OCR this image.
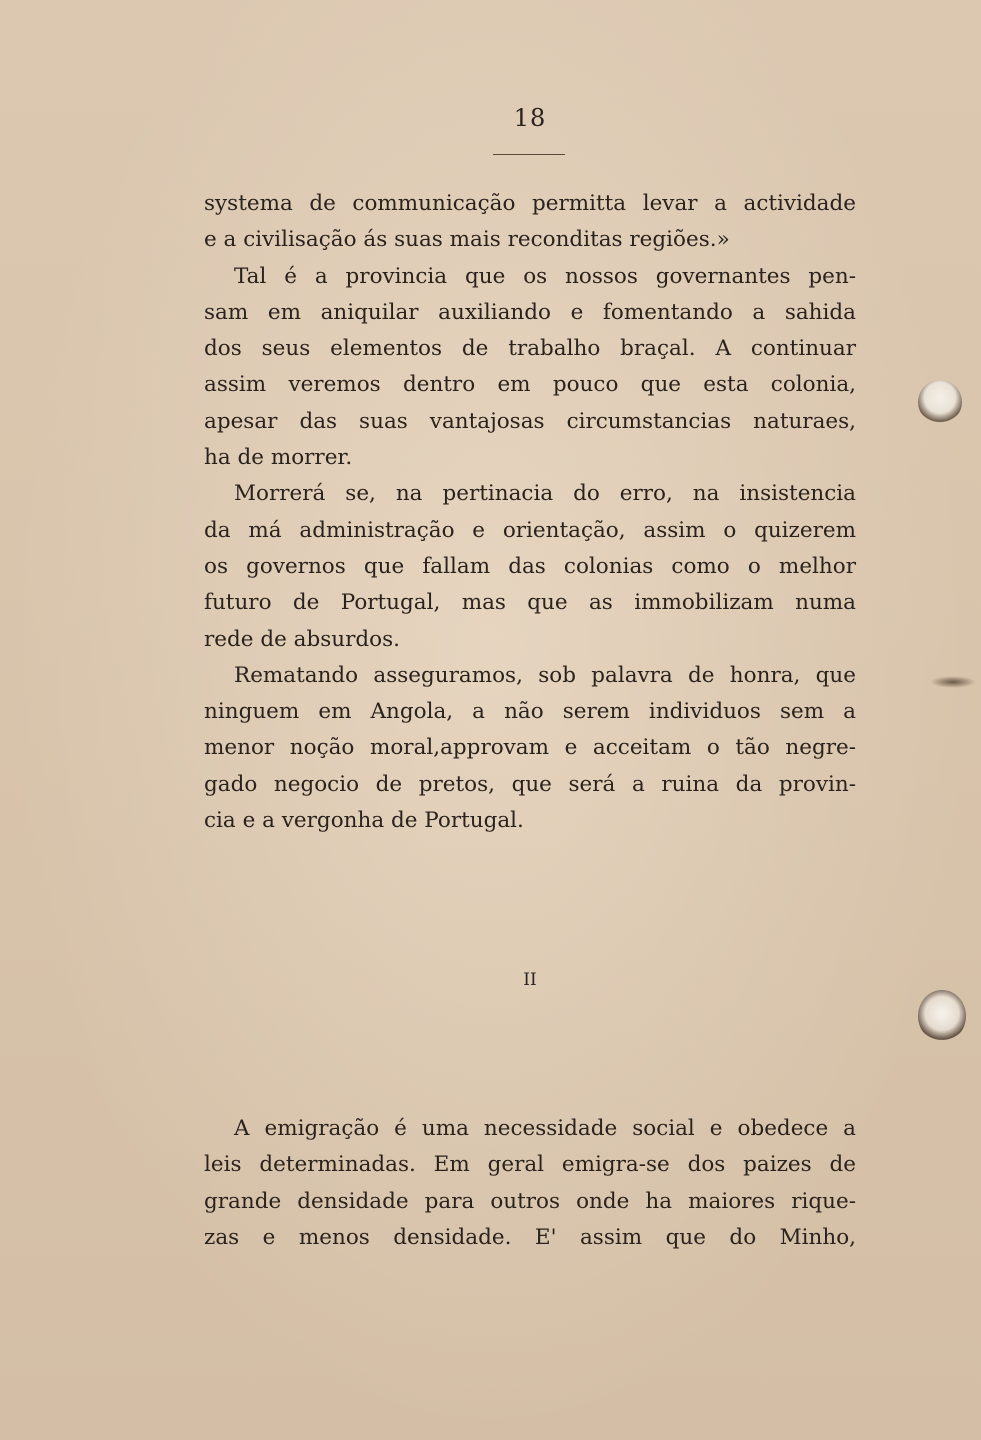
18
systema de communicação permitta levar a actividade
e a civilisação ás suas mais reconditas regiões.»
Tal é a provincia que os nossos governantes pen-
sam em aniquilar auxiliando e fomentando a sahida
dos seus elementos de trabalho braçal. A continuar
assim veremos dentro em pouco que esta colonia,
apesar das suas vantajosas circumstancias naturaes,
ha de morrer.
Morrerá se, na pertinacia do erro, na insistencia
da má administração e orientação, assim o quizerem
os governos que fallam das colonias como o melhor
futuro de Portugal, mas que as immobilizam numa
rede de absurdos.
Rematando asseguramos, sob palavra de honra, que
ninguem em Angola, a não serem individuos sem a
menor noção moral,approvam e acceitam o tão negre-
gado negocio de pretos, que será a ruina da provin-
cia e a vergonha de Portugal.
II
A emigração é uma necessidade social e obedece a
leis determinadas. Em geral emigra-se dos paizes de
grande densidade para outros onde ha maiores rique-
zas e menos densidade. E' assim que do Minho,
